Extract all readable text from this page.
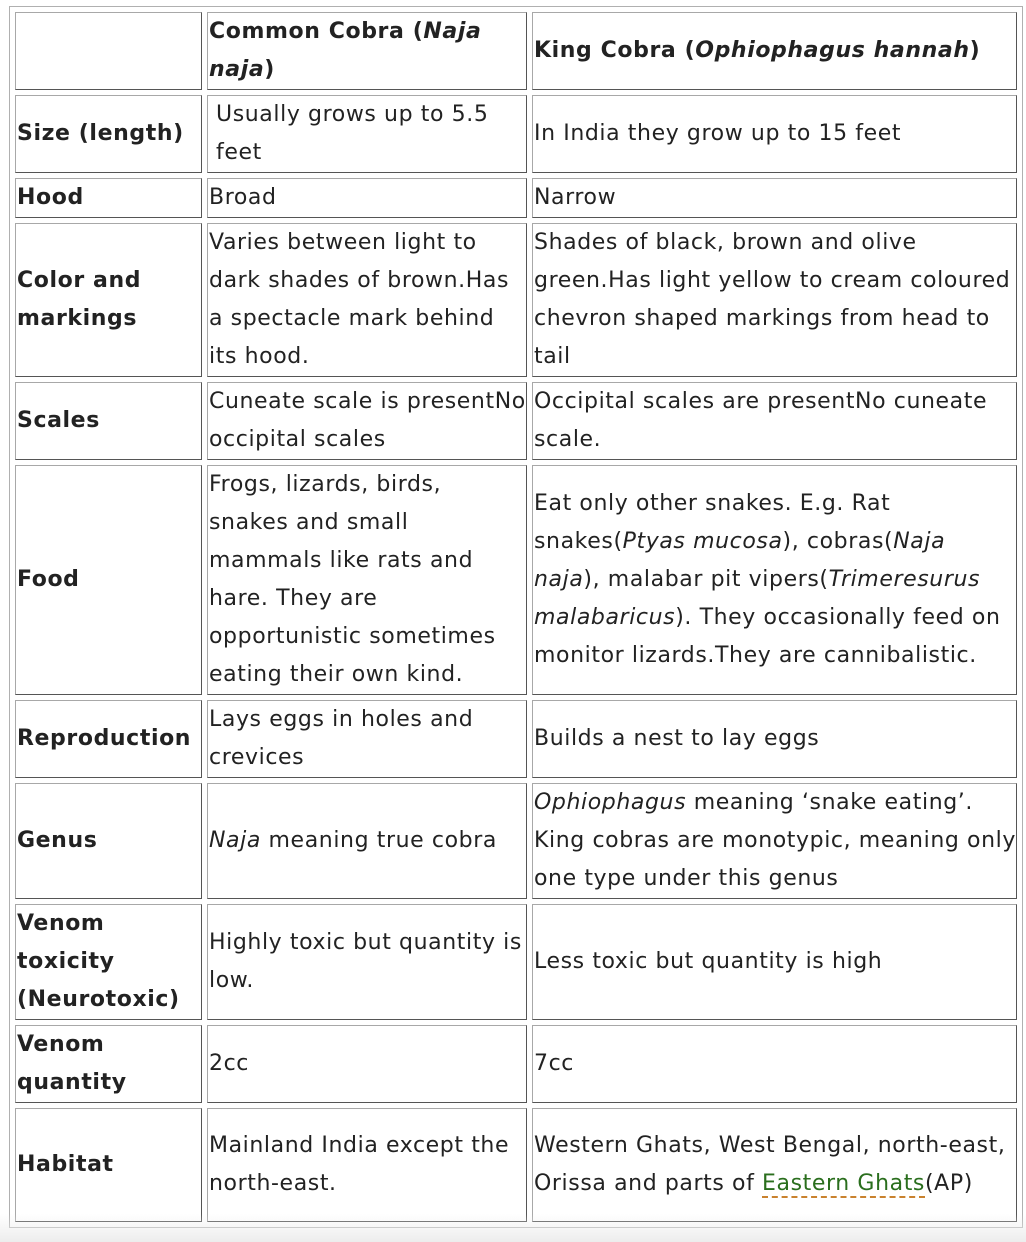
	Common Cobra (Naja naja)	King Cobra (Ophiophagus hannah)
Size (length)	Usually grows up to 5.5 feet	In India they grow up to 15 feet
Hood	Broad	Narrow
Color and markings	Varies between light to dark shades of brown.Has a spectacle mark behind its hood.	Shades of black, brown and olive green.Has light yellow to cream coloured chevron shaped markings from head to tail
Scales	Cuneate scale is presentNo occipital scales	Occipital scales are presentNo cuneate scale.
Food	Frogs, lizards, birds, snakes and small mammals like rats and hare. They are opportunistic sometimes eating their own kind.	Eat only other snakes. E.g. Rat snakes(Ptyas mucosa), cobras(Naja naja), malabar pit vipers(Trimeresurus malabaricus). They occasionally feed on monitor lizards.They are cannibalistic.
Reproduction	Lays eggs in holes and crevices	Builds a nest to lay eggs
Genus	Naja meaning true cobra	Ophiophagus meaning ‘snake eating’. King cobras are monotypic, meaning only one type under this genus
Venom toxicity (Neurotoxic)	Highly toxic but quantity is low.	Less toxic but quantity is high
Venom quantity	2cc	7cc
Habitat	Mainland India except the north-east.	Western Ghats, West Bengal, north-east, Orissa and parts of Eastern Ghats(AP)
